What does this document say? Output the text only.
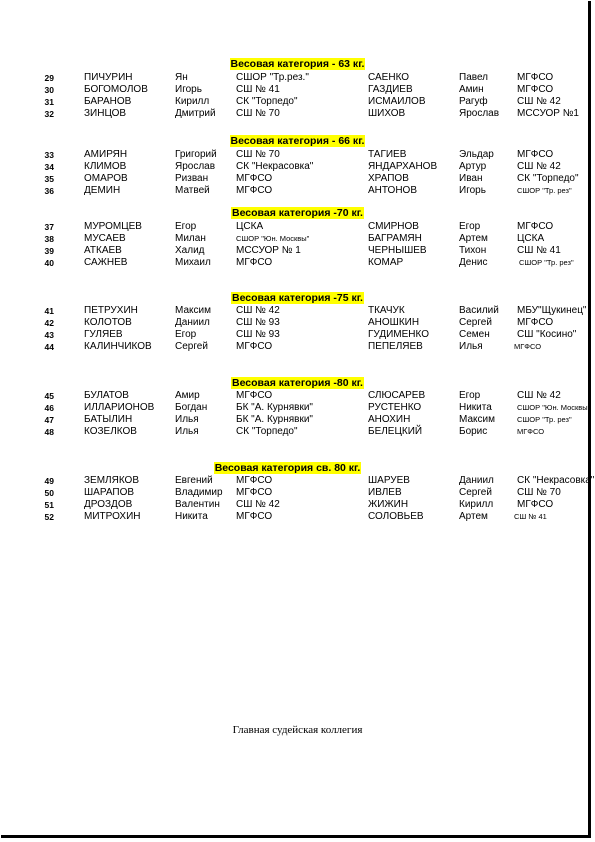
Весовая категория - 63 кг.
29	ПИЧУРИН	Ян	СШОР "Тр.рез."	САЕНКО	Павел	МГФСО
30	БОГОМОЛОВ	Игорь	СШ № 41	ГАЗДИЕВ	Амин	МГФСО
31	БАРАНОВ	Кирилл	СК "Торпедо"	ИСМАИЛОВ	Рагуф	СШ № 42
32	ЗИНЦОВ	Дмитрий СШ № 70	ШИХОВ	Ярослав МССУОР №1
Весовая категория - 66 кг.
33	АМИРЯН	Григорий СШ № 70	ТАГИЕВ	Эльдар МГФСО
34	КЛИМОВ	Ярослав СК "Некрасовка"	ЯНДАРХАНОВ Артур	СШ № 42
35	ОМАРОВ	Ризван	МГФСО	ХРАПОВ	Иван	СК "Торпедо"
36	ДЕМИН	Матвей	МГФСО	АНТОНОВ	Игорь	СШОР "Тр. рез"
Весовая категория -70 кг.
37	МУРОМЦЕВ	Егор	ЦСКА	СМИРНОВ	Егор	МГФСО
38	МУСАЕВ	Милан	СШОР "Юн. Москвы"	БАГРАМЯН	Артем	ЦСКА
39	АТКАЕВ	Халид	МССУОР № 1	ЧЕРНЫШЕВ	Тихон	СШ № 41
40	САЖНЕВ	Михаил	МГФСО	КОМАР	Денис	СШОР "Тр. рез"
Весовая категория -75 кг.
41	ПЕТРУХИН	Максим	СШ № 42	ТКАЧУК	Василий МБУ"Щукинец"
42	КОЛОТОВ	Даниил	СШ № 93	АНОШКИН	Сергей	МГФСО
43	ГУЛЯЕВ	Егор	СШ № 93	ГУДИМЕНКО	Семен	СШ "Косино"
44	КАЛИНЧИКОВ Сергей	МГФСО	ПЕПЕЛЯЕВ	Илья	МГФСО
Весовая категория -80 кг.
45	БУЛАТОВ	Амир	МГФСО	СЛЮСАРЕВ	Егор	СШ № 42
46	ИЛЛАРИОНОВ Богдан	БК "А. Курнявки"	РУСТЕНКО	Никита	СШОР "Юн. Москвы"
47	БАТЫЛИН	Илья	БК "А. Курнявки"	АНОХИН	Максим	СШОР "Тр. рез"
48	КОЗЕЛКОВ	Илья	СК "Торпедо"	БЕЛЕЦКИЙ	Борис	МГФСО
Весовая категория св. 80 кг.
49	ЗЕМЛЯКОВ	Евгений МГФСО	ШАРУЕВ	Даниил СК "Некрасовка"
50	ШАРАПОВ	Владимир МГФСО	ИВЛЕВ	Сергей	СШ № 70
51	ДРОЗДОВ	Валентин СШ № 42	ЖИЖИН	Кирилл МГФСО
52	МИТРОХИН	Никита	МГФСО	СОЛОВЬЕВ	Артем	СШ № 41
Главная судейская коллегия
